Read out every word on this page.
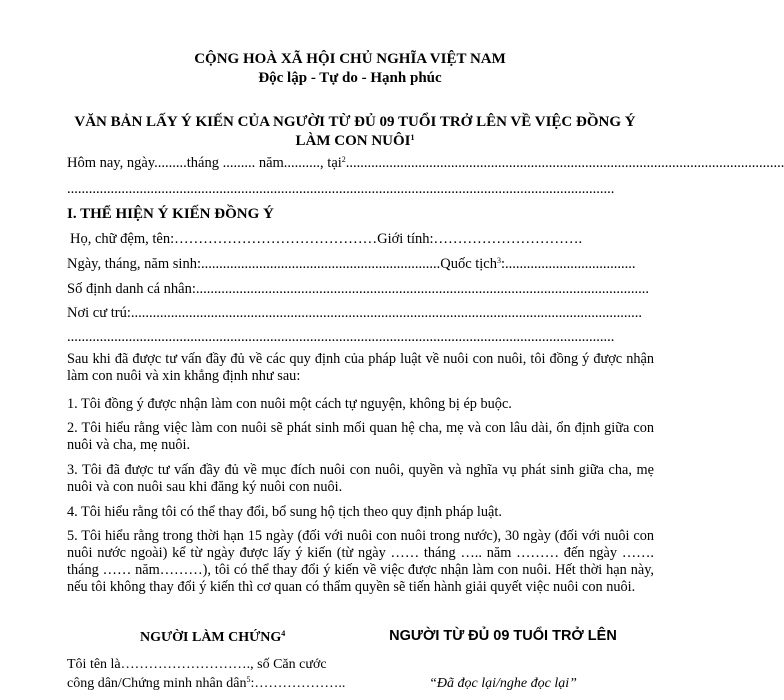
CỘNG HOÀ XÃ HỘI CHỦ NGHĨA VIỆT NAM
Độc lập - Tự do - Hạnh phúc
VĂN BẢN LẤY Ý KIẾN CỦA NGƯỜI TỪ ĐỦ 09 TUỔI TRỞ LÊN VỀ VIỆC ĐỒNG Ý
LÀM CON NUÔI$^1$
Hôm nay, ngày.........tháng ......... năm.........., tại$^2$.........................................................................................................................
.......................................................................................................................................................
I. THỂ HIỆN Ý KIẾN ĐỒNG Ý
Họ, chữ đệm, tên:……………………………………Giới tính:………………………….
Ngày, tháng, năm sinh:..................................................................Quốc tịch$^3$:....................................
Số định danh cá nhân:.............................................................................................................................
Nơi cư trú:.............................................................................................................................................
.......................................................................................................................................................
Sau khi đã được tư vấn đầy đủ về các quy định của pháp luật về nuôi con nuôi, tôi đồng ý được nhận làm con nuôi và xin khẳng định như sau:
1. Tôi đồng ý được nhận làm con nuôi một cách tự nguyện, không bị ép buộc.
2. Tôi hiểu rằng việc làm con nuôi sẽ phát sinh mối quan hệ cha, mẹ và con lâu dài, ổn định giữa con nuôi và cha, mẹ nuôi.
3. Tôi đã được tư vấn đầy đủ về mục đích nuôi con nuôi, quyền và nghĩa vụ phát sinh giữa cha, mẹ nuôi và con nuôi sau khi đăng ký nuôi con nuôi.
4. Tôi hiểu rằng tôi có thể thay đổi, bổ sung hộ tịch theo quy định pháp luật.
5. Tôi hiểu rằng trong thời hạn 15 ngày (đối với nuôi con nuôi trong nước), 30 ngày (đối với nuôi con nuôi nước ngoài) kể từ ngày được lấy ý kiến (từ ngày …… tháng ….. năm ……… đến ngày ……. tháng …… năm………), tôi có thể thay đổi ý kiến về việc được nhận làm con nuôi. Hết thời hạn này, nếu tôi không thay đổi ý kiến thì cơ quan có thẩm quyền sẽ tiến hành giải quyết việc nuôi con nuôi.
NGƯỜI LÀM CHỨNG$^4$
Tôi tên là………………………., số Căn cước
công dân/Chứng minh nhân dân$^5$:………………..
NGƯỜI TỪ ĐỦ 09 TUỔI TRỞ LÊN
“Đã đọc lại/nghe đọc lại”
